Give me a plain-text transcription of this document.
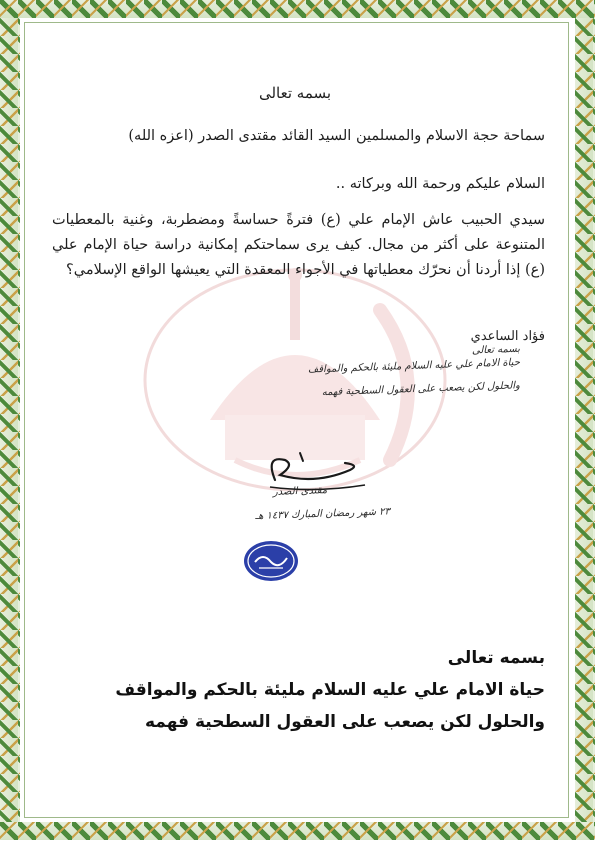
بسمه تعالى
سماحة حجة الاسلام والمسلمين السيد القائد مقتدى الصدر (اعزه الله)
السلام عليكم ورحمة الله وبركاته ..
سيدي الحبيب عاش الإمام علي (ع) فترةً حساسةً ومضطربة، وغنية بالمعطيات المتنوعة على أكثر من مجال. كيف يرى سماحتكم إمكانية دراسة حياة الإمام علي (ع) إذا أردنا أن نحرّك معطياتها في الأجواء المعقدة التي يعيشها الواقع الإسلامي؟
فؤاد الساعدي
بسمه تعالى
حياة الامام علي عليه السلام مليئة بالحكم والمواقف
والحلول لكن يصعب على العقول السطحية فهمه
مقتدى الصدر
٢٣ شهر رمضان المبارك ١٤٣٧ هـ
بسمه تعالى
حياة الامام علي عليه السلام مليئة بالحكم والمواقف
والحلول لكن يصعب على العقول السطحية فهمه
